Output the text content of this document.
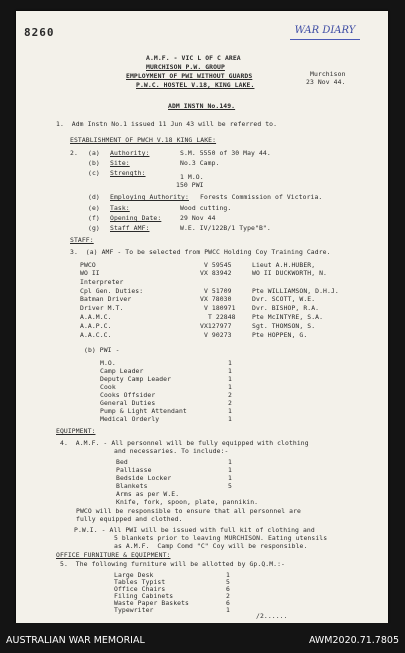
8260	WAR DIARY
A.M.F. - VIC L OF C AREA
MURCHISON P.W. GROUP
EMPLOYMENT OF PWI WITHOUT GUARDS
P.W.C. HOSTEL V.18, KING LAKE.
Murchison
23 Nov 44.
ADM INSTN No.149.
1.  Adm Instn No.1 issued 11 Jun 43 will be referred to.
ESTABLISHMENT OF PWCH V.18 KING LAKE:
2. (a) Authority:	S.M. 5550 of 30 May 44.
(b) Site:	No.3 Camp.
(c) Strength:	1 M.O.
150 PWI
(d) Employing Authority: Forests Commission of Victoria.
(e) Task:	Wood cutting.
(f) Opening Date:	29 Nov 44
(g) Staff AMF:	W.E. IV/122B/1 Type"B".
STAFF:
3.  (a) AMF - To be selected from PWCC Holding Coy Training Cadre.
PWCO	V 59545	Lieut A.H.HUBER,
WO II	VX 83942	WO II DUCKWORTH, N.
Interpreter
Cpl Gen. Duties:	V 51709	Pte WILLIAMSON, D.H.J.
Batman Driver	VX 78030	Dvr. SCOTT, W.E.
Driver M.T.	V 180971	Dvr. BISHOP, R.A.
A.A.M.C.	T 22848	Pte McINTYRE, S.A.
A.A.P.C.	VX127977	Sgt. THOMSON, S.
A.A.C.C.	V 90273	Pte HOPPEN, G.
(b) PWI -
M.O.	1
Camp Leader	1
Deputy Camp Leader	1
Cook	1
Cooks Offsider	2
General Duties	2
Pump & Light Attendant	1
Medical Orderly	1
EQUIPMENT:
4.  A.M.F. - All personnel will be fully equipped with clothing
and necessaries. To include:-
Bed	1
Palliasse	1
Bedside Locker	1
Blankets	5
Arms as per W.E.
Knife, fork, spoon, plate, pannikin.
PWCO will be responsible to ensure that all personnel are
fully equipped and clothed.
P.W.I. - All PWI will be issued with full kit of clothing and
5 blankets prior to leaving MURCHISON. Eating utensils
as A.M.F.  Camp Comd "C" Coy will be responsible.
OFFICE FURNITURE & EQUIPMENT:
5.  The following furniture will be allotted by Gp.Q.M.:-
Large Desk	1
Tables Typist	5
Office Chairs	6
Filing Cabinets	2
Waste Paper Baskets	6
Typewriter	1
/2......
AUSTRALIAN WAR MEMORIAL	AWM2020.71.7805
